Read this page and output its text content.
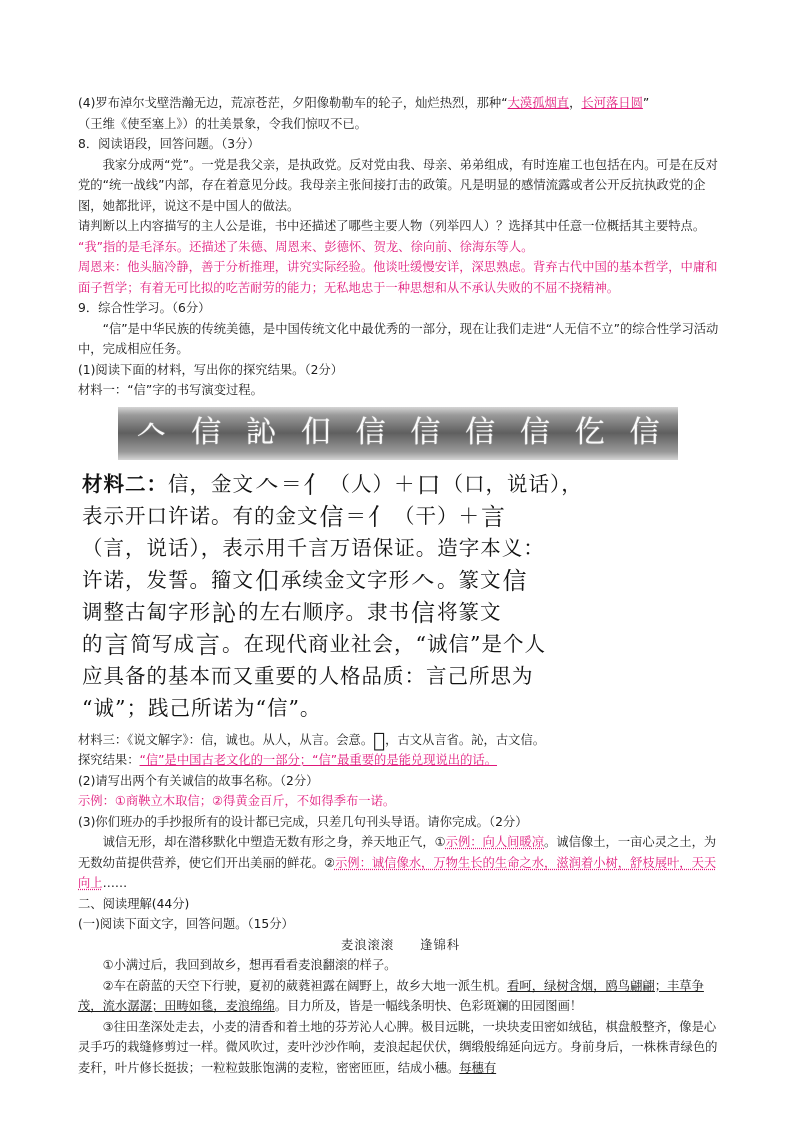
(4)罗布淖尔戈壁浩瀚无边，荒凉苍茫，夕阳像勒勒车的轮子，灿烂热烈，那种“大漠孤烟直，长河落日圆”

（王维《使至塞上》）的壮美景象，令我们惊叹不已。

8．阅读语段，回答问题。（3分）

我家分成两“党”。一党是我父亲，是执政党。反对党由我、母亲、弟弟组成，有时连雇工也包括在内。可是在反对党的“统一战线”内部，存在着意见分歧。我母亲主张间接打击的政策。凡是明显的感情流露或者公开反抗执政党的企图，她都批评，说这不是中国人的做法。

请判断以上内容描写的主人公是谁，书中还描述了哪些主要人物（列举四人）？选择其中任意一位概括其主要特点。

“我”指的是毛泽东。还描述了朱德、周恩来、彭德怀、贺龙、徐向前、徐海东等人。

周恩来：他头脑冷静，善于分析推理，讲究实际经验。他谈吐缓慢安详，深思熟虑。背弃古代中国的基本哲学，中庸和面子哲学；有着无可比拟的吃苦耐劳的能力；无私地忠于一种思想和从不承认失败的不屈不挠精神。

9．综合性学习。（6分）

“信”是中华民族的传统美德，是中国传统文化中最优秀的一部分，现在让我们走进“人无信不立”的综合性学习活动中，完成相应任务。

(1)阅读下面的材料，写出你的探究结果。（2分）

材料一：“信”字的书写演变过程。

𠆢 信 訫 㐰 信 信 信 信 仡 信
材料二：信，金文𠆢＝亻（人）＋口（口，说话），
表示开口许诺。有的金文信＝亻（干）＋言
（言，说话），表示用千言万语保证。造字本义：
许诺，发誓。籀文㐰承续金文字形𠆢。篆文信
调整古匐字形訫的左右顺序。隶书信将篆文
的言简写成言。在现代商业社会，“诚信”是个人
应具备的基本而又重要的人格品质：言己所思为
“诚”；践己所诺为“信”。

材料三：《说文解字》：信，诚也。从人，从言。会意。𠈝，古文从言省。訫，古文信。

探究结果：“信”是中国古老文化的一部分；“信”最重要的是能兑现说出的话。

(2)请写出两个有关诚信的故事名称。（2分）

示例：①商鞅立木取信；②得黄金百斤，不如得季布一诺。

(3)你们班办的手抄报所有的设计都已完成，只差几句刊头导语。请你完成。（2分）

诚信无形，却在潜移默化中塑造无数有形之身，养天地正气，①示例：向人间暖凉。诚信像土，一亩心灵之土，为无数幼苗提供营养，使它们开出美丽的鲜花。②示例：诚信像水，万物生长的生命之水，滋润着小树，舒枝展叶，天天向上……

二、阅读理解(44分)

(一)阅读下面文字，回答问题。（15分）

麦浪滚滚 逢锦科

①小满过后，我回到故乡，想再看看麦浪翻滚的样子。

②车在蔚蓝的天空下行驶，夏初的葳蕤袒露在阔野上，故乡大地一派生机。看呵，绿树含烟，鸥鸟翩翩；丰草争茂，流水潺潺；田畴如毯，麦浪绵绵。目力所及，皆是一幅线条明快、色彩斑斓的田园图画！

③往田垄深处走去，小麦的清香和着土地的芬芳沁人心脾。极目远眺，一块块麦田密如绒毡，棋盘般整齐，像是心灵手巧的栽缝修剪过一样。微风吹过，麦叶沙沙作响，麦浪起起伏伏，绸缎般绵延向远方。身前身后，一株株青绿色的麦秆，叶片修长挺拔；一粒粒鼓胀饱满的麦粒，密密匝匝，结成小穗。每穗有
